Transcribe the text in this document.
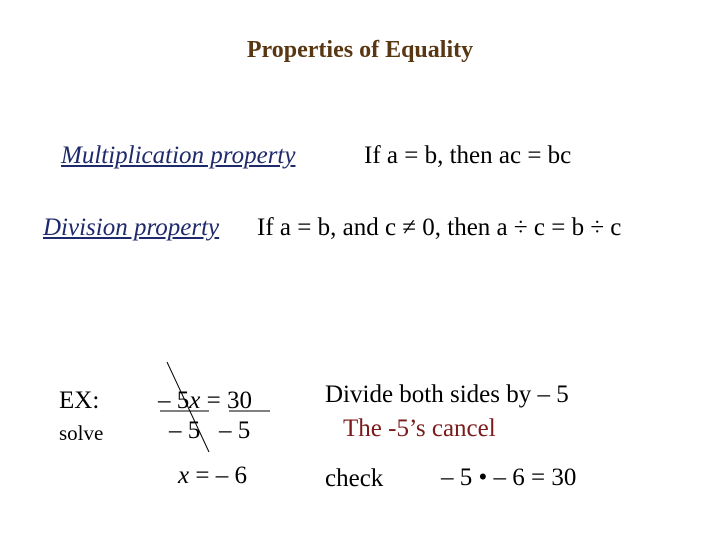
Properties of Equality
Multiplication property	If a = b, then ac = bc
Division property If a = b, and c ≠ 0, then a ÷ c = b ÷ c
EX:
solve
– 5x = 30
– 5   – 5
x = – 6
Divide both sides by – 5
The -5’s cancel
check – 5 • – 6 = 30
